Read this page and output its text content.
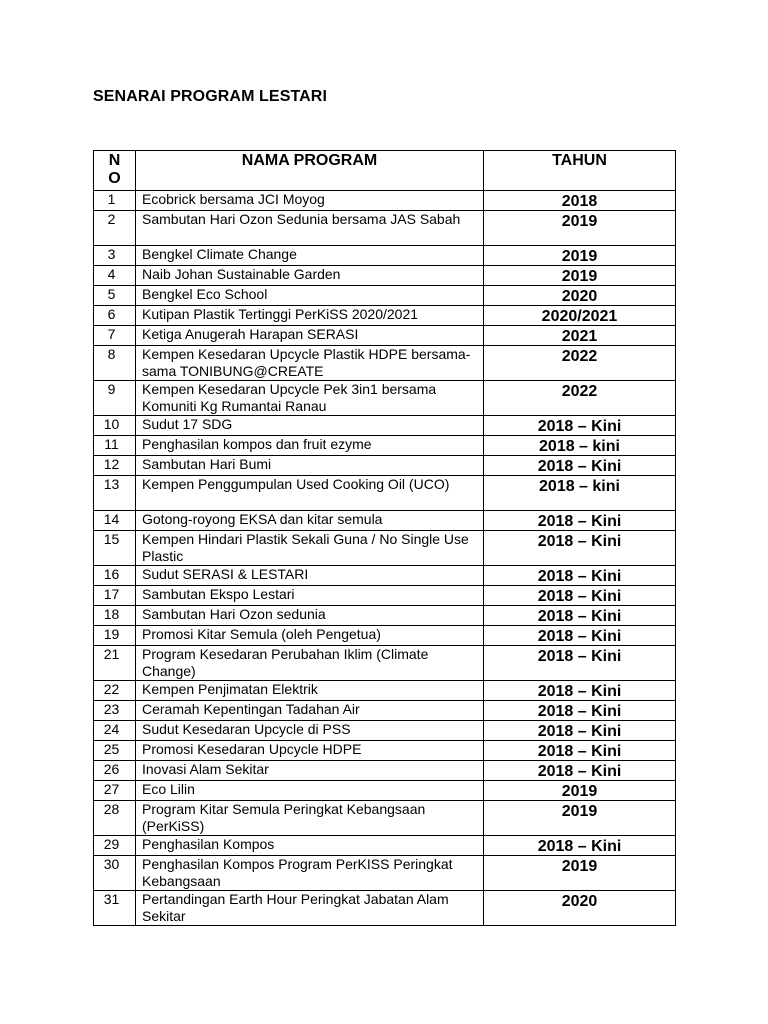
SENARAI PROGRAM LESTARI
N
O	NAMA PROGRAM	TAHUN
1	Ecobrick bersama JCI Moyog	2018
2	Sambutan Hari Ozon Sedunia bersama JAS Sabah	2019
3	Bengkel Climate Change	2019
4	Naib Johan Sustainable Garden	2019
5	Bengkel Eco School	2020
6	Kutipan Plastik Tertinggi PerKiSS 2020/2021	2020/2021
7	Ketiga Anugerah Harapan SERASI	2021
8	Kempen Kesedaran Upcycle Plastik HDPE bersama-sama TONIBUNG@CREATE	2022
9	Kempen Kesedaran Upcycle Pek 3in1 bersama Komuniti Kg Rumantai Ranau	2022
10	Sudut 17 SDG	2018 – Kini
11	Penghasilan kompos dan fruit ezyme	2018 – kini
12	Sambutan Hari Bumi	2018 – Kini
13	Kempen Penggumpulan Used Cooking Oil (UCO)	2018 – kini
14	Gotong-royong EKSA dan kitar semula	2018 – Kini
15	Kempen Hindari Plastik Sekali Guna / No Single Use Plastic	2018 – Kini
16	Sudut SERASI & LESTARI	2018 – Kini
17	Sambutan Ekspo Lestari	2018 – Kini
18	Sambutan Hari Ozon sedunia	2018 – Kini
19	Promosi Kitar Semula (oleh Pengetua)	2018 – Kini
21	Program Kesedaran Perubahan Iklim (Climate Change)	2018 – Kini
22	Kempen Penjimatan Elektrik	2018 – Kini
23	Ceramah Kepentingan Tadahan Air	2018 – Kini
24	Sudut Kesedaran Upcycle di PSS	2018 – Kini
25	Promosi Kesedaran Upcycle HDPE	2018 – Kini
26	Inovasi Alam Sekitar	2018 – Kini
27	Eco Lilin	2019
28	Program Kitar Semula Peringkat Kebangsaan (PerKiSS)	2019
29	Penghasilan Kompos	2018 – Kini
30	Penghasilan Kompos Program PerKISS Peringkat Kebangsaan	2019
31	Pertandingan Earth Hour Peringkat Jabatan Alam Sekitar	2020
